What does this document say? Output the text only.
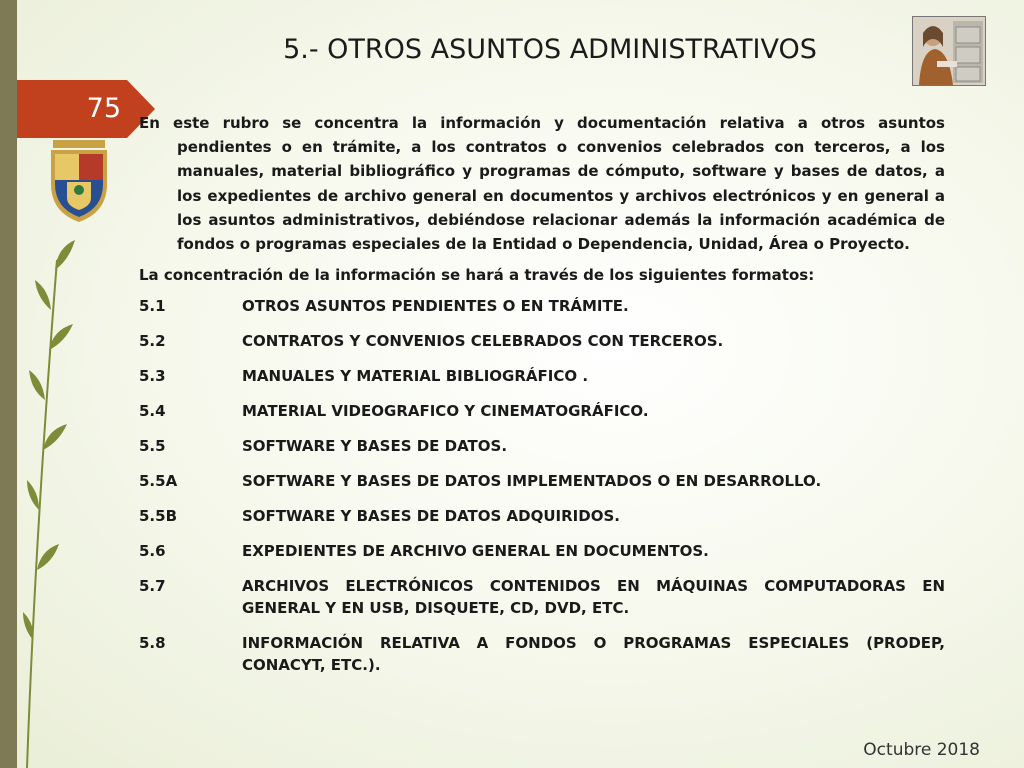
75
5.- OTROS ASUNTOS ADMINISTRATIVOS

En este rubro se concentra la información y documentación relativa a otros asuntos pendientes o en trámite, a los contratos o convenios celebrados con terceros, a los manuales, material bibliográfico y programas de cómputo, software y bases de datos, a los expedientes de archivo general en documentos y archivos electrónicos y en general a los asuntos administrativos, debiéndose relacionar además la información académica de fondos o programas especiales de la Entidad o Dependencia, Unidad, Área o Proyecto.

La concentración de la información se hará a través de los siguientes formatos:

5.1	OTROS ASUNTOS PENDIENTES O EN TRÁMITE.
5.2	CONTRATOS Y CONVENIOS CELEBRADOS CON TERCEROS.
5.3	MANUALES Y MATERIAL BIBLIOGRÁFICO .
5.4	MATERIAL VIDEOGRAFICO Y CINEMATOGRÁFICO.
5.5	SOFTWARE Y BASES DE DATOS.
5.5A	SOFTWARE Y BASES DE DATOS IMPLEMENTADOS O EN DESARROLLO.
5.5B	SOFTWARE Y BASES DE DATOS ADQUIRIDOS.
5.6	EXPEDIENTES DE ARCHIVO GENERAL EN DOCUMENTOS.
5.7	ARCHIVOS ELECTRÓNICOS CONTENIDOS EN MÁQUINAS COMPUTADORAS EN GENERAL Y EN USB, DISQUETE, CD, DVD, ETC.
5.8	INFORMACIÓN RELATIVA A FONDOS O PROGRAMAS ESPECIALES (PRODEP, CONACYT, ETC.).
Octubre 2018
